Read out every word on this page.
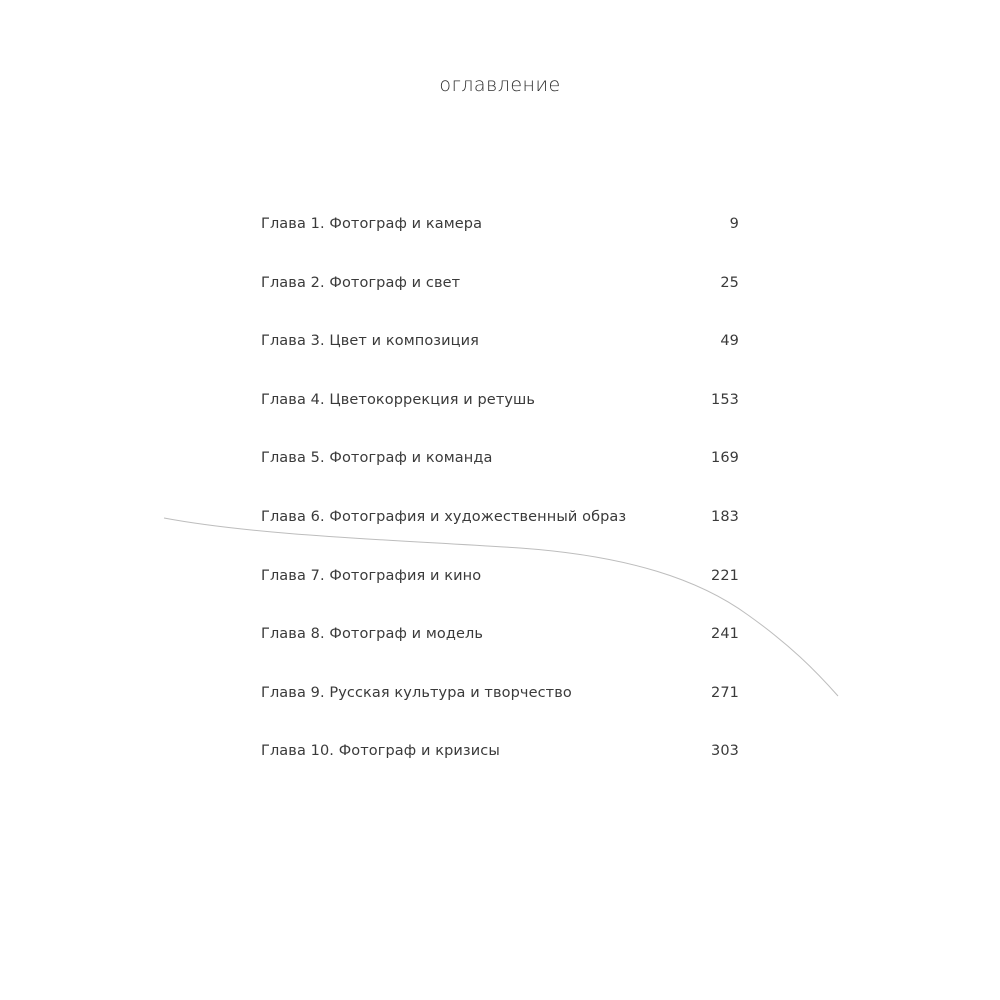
оглавление
Глава 1. Фотограф и камера	9
Глава 2. Фотограф и свет	25
Глава 3. Цвет и композиция	49
Глава 4. Цветокоррекция и ретушь	153
Глава 5. Фотограф и команда	169
Глава 6. Фотография и художественный образ	183
Глава 7. Фотография и кино	221
Глава 8. Фотограф и модель	241
Глава 9. Русская культура и творчество	271
Глава 10. Фотограф и кризисы	303
